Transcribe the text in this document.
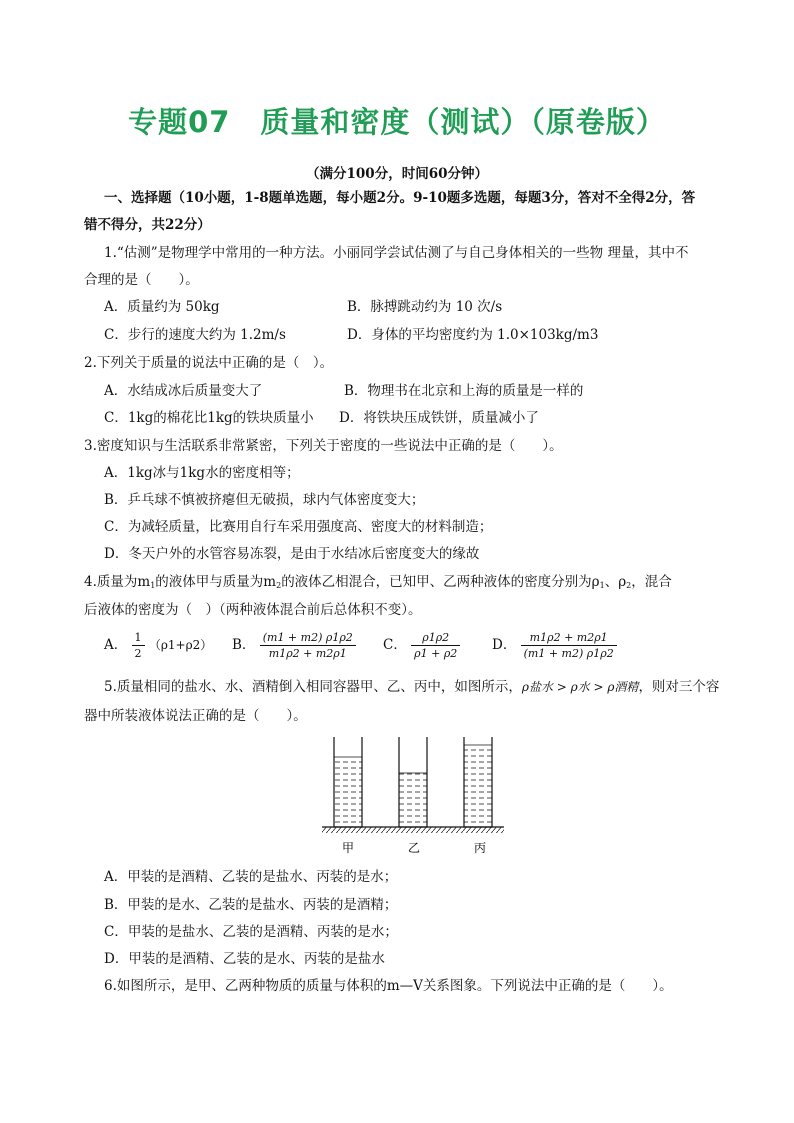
专题07　质量和密度（测试）（原卷版）
（满分100分，时间60分钟）
一、选择题（10小题，1-8题单选题，每小题2分。9-10题多选题，每题3分，答对不全得2分，答
错不得分，共22分）
1.“估测”是物理学中常用的一种方法。小丽同学尝试估测了与自己身体相关的一些物 理量，其中不
合理的是（　　）。
A．质量约为 50kg	B．脉搏跳动约为 10 次/s
C．步行的速度大约为 1.2m/s	D．身体的平均密度约为 1.0×103kg/m3
2.下列关于质量的说法中正确的是（　）。
A．水结成冰后质量变大了	B．物理书在北京和上海的质量是一样的
C．1kg的棉花比1kg的铁块质量小 D．将铁块压成铁饼，质量减小了
3.密度知识与生活联系非常紧密，下列关于密度的一些说法中正确的是（　　）。
A．1kg冰与1kg水的密度相等；
B．乒乓球不慎被挤瘪但无破损，球内气体密度变大；
C．为减轻质量，比赛用自行车采用强度高、密度大的材料制造；
D．冬天户外的水管容易冻裂，是由于水结冰后密度变大的缘故
4.质量为$m_1$的液体甲与质量为$m_2$的液体乙相混合，已知甲、乙两种液体的密度分别为$\rho_1$、$\rho_2$，混合
后液体的密度为（　）（两种液体混合前后总体积不变）。
A． $\frac{1}{2} (\rho 1+\rho 2)$ B． $\frac{(m1 + m2) \rho 1\rho 2}{m1\rho 2 + m2\rho 1}$ C． $\frac{\rho 1\rho 2}{\rho 1 + \rho 2}$ D． $\frac{m1\rho 2 + m2\rho 1}{(m1 + m2) \rho 1\rho 2}$
5.质量相同的盐水、水、酒精倒入相同容器甲、乙、丙中，如图所示，ρ盐水 > ρ水 > ρ酒精，则对三个容
器中所装液体说法正确的是（　　）。
甲	乙	丙
A．甲装的是酒精、乙装的是盐水、丙装的是水；
B．甲装的是水、乙装的是盐水、丙装的是酒精；
C．甲装的是盐水、乙装的是酒精、丙装的是水；
D．甲装的是酒精、乙装的是水、丙装的是盐水
6.如图所示，是甲、乙两种物质的质量与体积的m—V关系图象。下列说法中正确的是（　　）。
